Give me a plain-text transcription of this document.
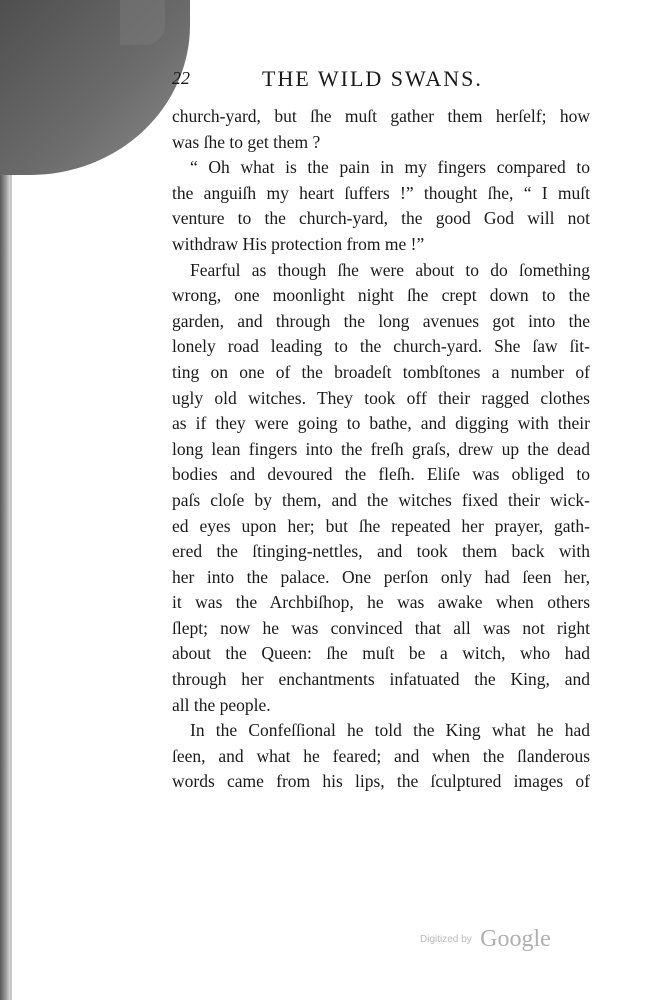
22	THE WILD SWANS.
church-yard, but ſhe muſt gather them herſelf; how
was ſhe to get them ?
“ Oh what is the pain in my fingers compared to
the anguiſh my heart ſuffers !” thought ſhe, “ I muſt
venture to the church-yard, the good God will not
withdraw His protection from me !”
Fearful as though ſhe were about to do ſomething
wrong, one moonlight night ſhe crept down to the
garden, and through the long avenues got into the
lonely road leading to the church-yard. She ſaw ſit-
ting on one of the broadeſt tombſtones a number of
ugly old witches. They took off their ragged clothes
as if they were going to bathe, and digging with their
long lean fingers into the freſh graſs, drew up the dead
bodies and devoured the fleſh. Eliſe was obliged to
paſs cloſe by them, and the witches fixed their wick-
ed eyes upon her; but ſhe repeated her prayer, gath-
ered the ſtinging-nettles, and took them back with
her into the palace. One perſon only had ſeen her,
it was the Archbiſhop, he was awake when others
ſlept; now he was convinced that all was not right
about the Queen: ſhe muſt be a witch, who had
through her enchantments infatuated the King, and
all the people.
In the Confeſſional he told the King what he had
ſeen, and what he feared; and when the ſlanderous
words came from his lips, the ſculptured images of
$^{Digitized by}$ Google
